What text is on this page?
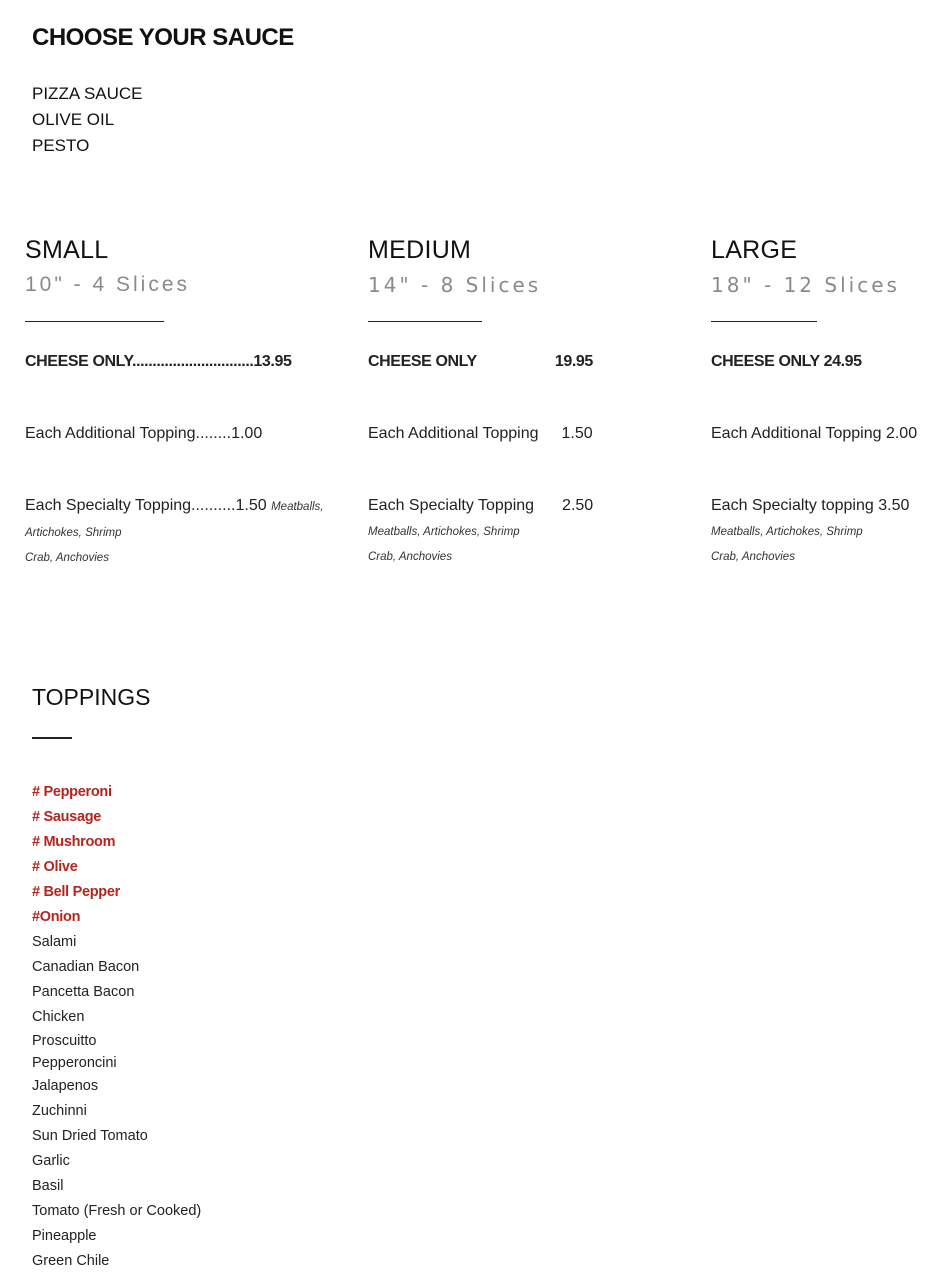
CHOOSE YOUR SAUCE
PIZZA SAUCE
OLIVE OIL
PESTO
SMALL
10" - 4 Slices
CHEESE ONLY..............................13.95
Each Additional Topping........1.00
Each Specialty Topping..........1.50 Meatballs,
Artichokes, Shrimp
Crab, Anchovies
MEDIUM
14" - 8 Slices
CHEESE ONLY	19.95
Each Additional Topping 1.50
Each Specialty Topping 2.50
Meatballs, Artichokes, Shrimp
Crab, Anchovies
LARGE
18" - 12 Slices
CHEESE ONLY 24.95
Each Additional Topping 2.00
Each Specialty topping 3.50
Meatballs, Artichokes, Shrimp
Crab, Anchovies
TOPPINGS
# Pepperoni
# Sausage
# Mushroom
# Olive
# Bell Pepper
#Onion
Salami
Canadian Bacon
Pancetta Bacon
Chicken
Proscuitto
Pepperoncini
Jalapenos
Zuchinni
Sun Dried Tomato
Garlic
Basil
Tomato (Fresh or Cooked)
Pineapple
Green Chile
